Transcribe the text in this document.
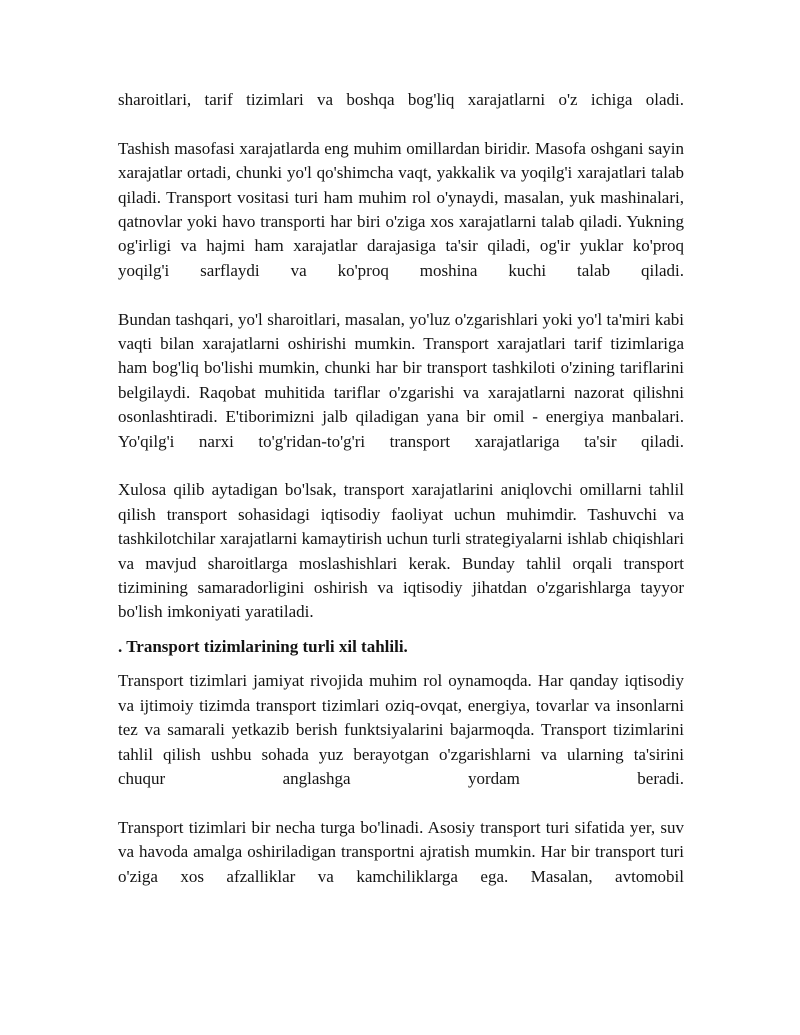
sharoitlari, tarif tizimlari va boshqa bog'liq xarajatlarni o'z ichiga oladi.

Tashish masofasi xarajatlarda eng muhim omillardan biridir. Masofa oshgani sayin xarajatlar ortadi, chunki yo'l qo'shimcha vaqt, yakkalik va yoqilg'i xarajatlari talab qiladi. Transport vositasi turi ham muhim rol o'ynaydi, masalan, yuk mashinalari, qatnovlar yoki havo transporti har biri o'ziga xos xarajatlarni talab qiladi. Yukning og'irligi va hajmi ham xarajatlar darajasiga ta'sir qiladi, og'ir yuklar ko'proq yoqilg'i sarflaydi va ko'proq moshina kuchi talab qiladi.

Bundan tashqari, yo'l sharoitlari, masalan, yo'luz o'zgarishlari yoki yo'l ta'miri kabi vaqti bilan xarajatlarni oshirishi mumkin. Transport xarajatlari tarif tizimlariga ham bog'liq bo'lishi mumkin, chunki har bir transport tashkiloti o'zining tariflarini belgilaydi. Raqobat muhitida tariflar o'zgarishi va xarajatlarni nazorat qilishni osonlashtiradi. E'tiborimizni jalb qiladigan yana bir omil - energiya manbalari. Yo'qilg'i narxi to'g'ridan-to'g'ri transport xarajatlariga ta'sir qiladi.

Xulosa qilib aytadigan bo'lsak, transport xarajatlarini aniqlovchi omillarni tahlil qilish transport sohasidagi iqtisodiy faoliyat uchun muhimdir. Tashuvchi va tashkilotchilar xarajatlarni kamaytirish uchun turli strategiyalarni ishlab chiqishlari va mavjud sharoitlarga moslashishlari kerak. Bunday tahlil orqali transport tizimining samaradorligini oshirish va iqtisodiy jihatdan o'zgarishlarga tayyor bo'lish imkoniyati yaratiladi.

. Transport tizimlarining turli xil tahlili.

Transport tizimlari jamiyat rivojida muhim rol oynamoqda. Har qanday iqtisodiy va ijtimoiy tizimda transport tizimlari oziq-ovqat, energiya, tovarlar va insonlarni tez va samarali yetkazib berish funktsiyalarini bajarmoqda. Transport tizimlarini tahlil qilish ushbu sohada yuz berayotgan o'zgarishlarni va ularning ta'sirini chuqur anglashga yordam beradi.

Transport tizimlari bir necha turga bo'linadi. Asosiy transport turi sifatida yer, suv va havoda amalga oshiriladigan transportni ajratish mumkin. Har bir transport turi o'ziga xos afzalliklar va kamchiliklarga ega. Masalan, avtomobil
